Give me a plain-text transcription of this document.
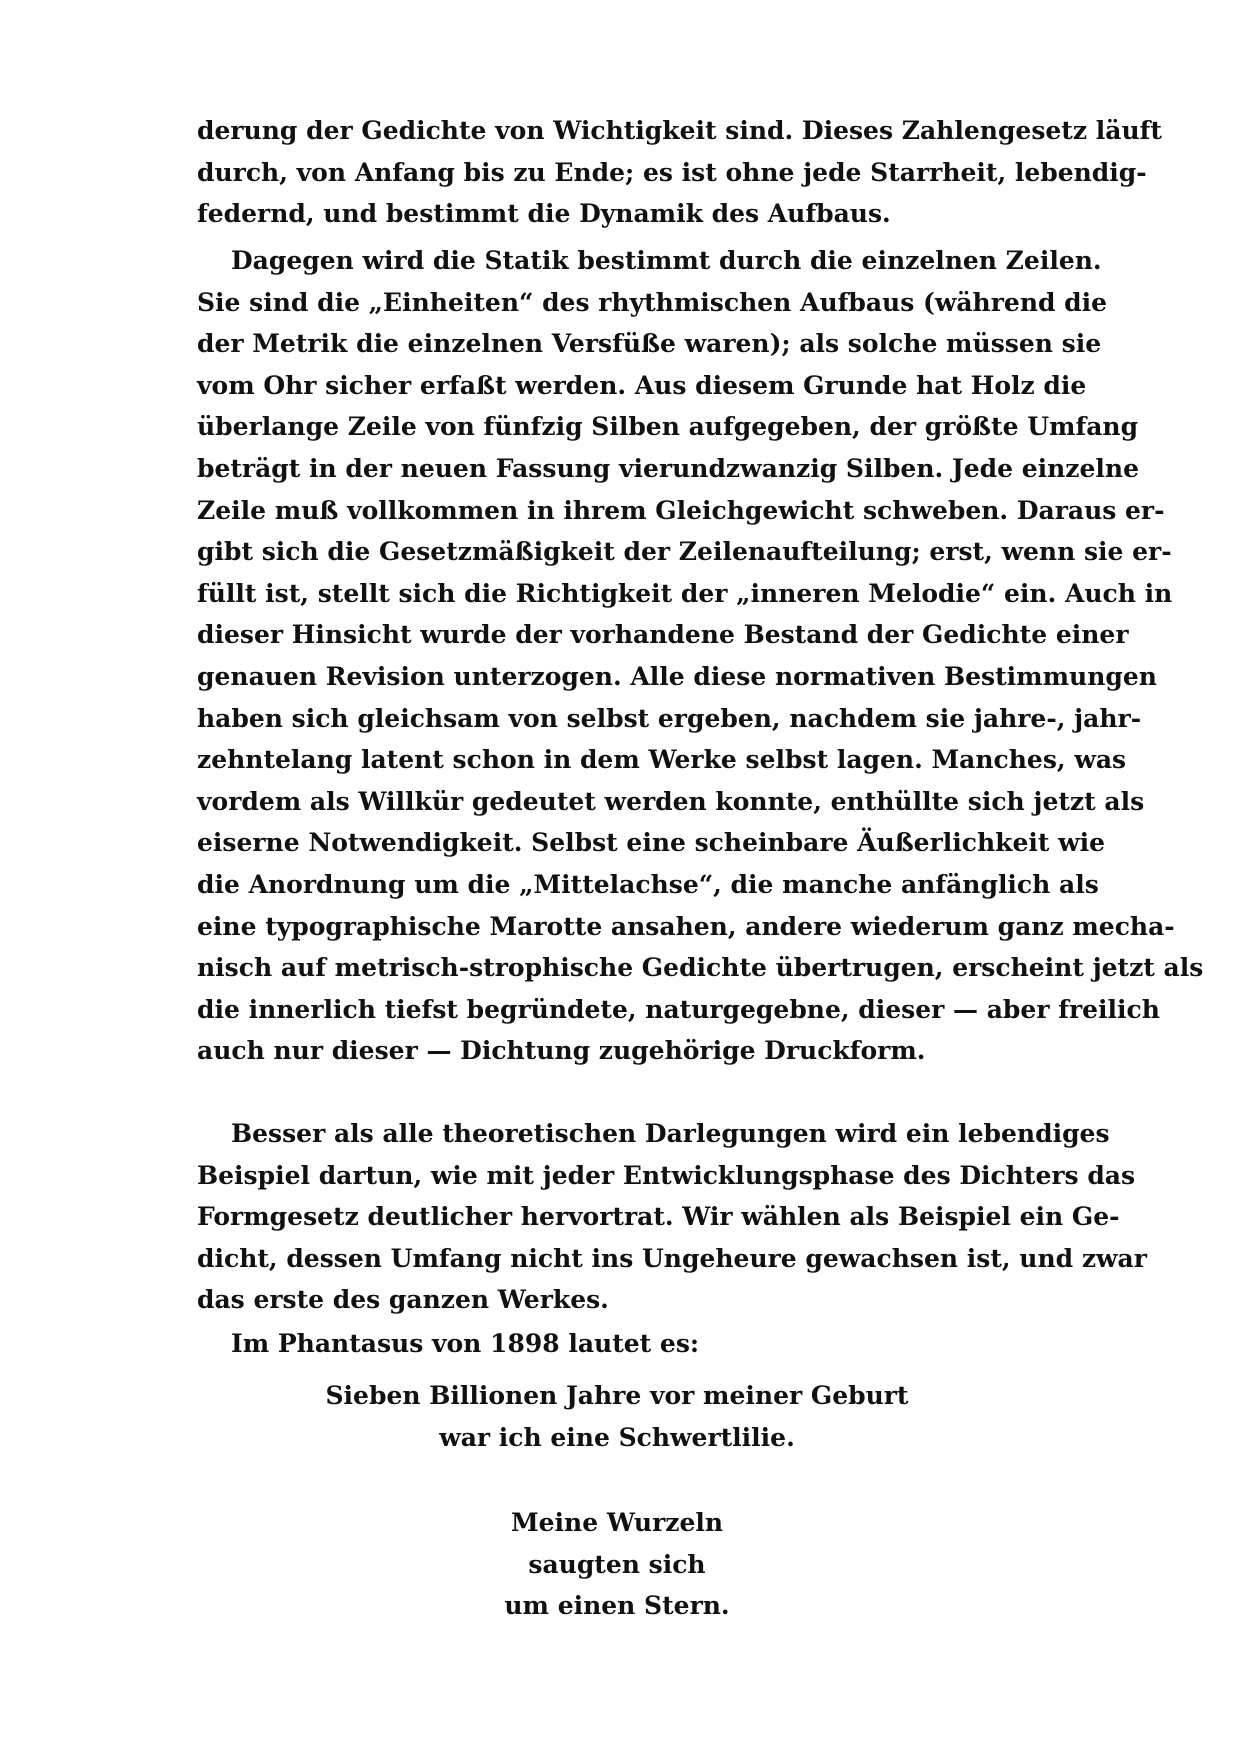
derung der Gedichte von Wichtigkeit sind. Dieses Zahlengesetz läuft
durch, von Anfang bis zu Ende; es ist ohne jede Starrheit, lebendig-
federnd, und bestimmt die Dynamik des Aufbaus.
Dagegen wird die Statik bestimmt durch die einzelnen Zeilen.
Sie sind die „Einheiten“ des rhythmischen Aufbaus (während die
der Metrik die einzelnen Versfüße waren); als solche müssen sie
vom Ohr sicher erfaßt werden. Aus diesem Grunde hat Holz die
überlange Zeile von fünfzig Silben aufgegeben, der größte Umfang
beträgt in der neuen Fassung vierundzwanzig Silben. Jede einzelne
Zeile muß vollkommen in ihrem Gleichgewicht schweben. Daraus er-
gibt sich die Gesetzmäßigkeit der Zeilenaufteilung; erst, wenn sie er-
füllt ist, stellt sich die Richtigkeit der „inneren Melodie“ ein. Auch in
dieser Hinsicht wurde der vorhandene Bestand der Gedichte einer
genauen Revision unterzogen. Alle diese normativen Bestimmungen
haben sich gleichsam von selbst ergeben, nachdem sie jahre-, jahr-
zehntelang latent schon in dem Werke selbst lagen. Manches, was
vordem als Willkür gedeutet werden konnte, enthüllte sich jetzt als
eiserne Notwendigkeit. Selbst eine scheinbare Äußerlichkeit wie
die Anordnung um die „Mittelachse“, die manche anfänglich als
eine typographische Marotte ansahen, andere wiederum ganz mecha-
nisch auf metrisch-strophische Gedichte übertrugen, erscheint jetzt als
die innerlich tiefst begründete, naturgegebne, dieser — aber freilich
auch nur dieser — Dichtung zugehörige Druckform.
Besser als alle theoretischen Darlegungen wird ein lebendiges
Beispiel dartun, wie mit jeder Entwicklungsphase des Dichters das
Formgesetz deutlicher hervortrat. Wir wählen als Beispiel ein Ge-
dicht, dessen Umfang nicht ins Ungeheure gewachsen ist, und zwar
das erste des ganzen Werkes.
Im Phantasus von 1898 lautet es:
Sieben Billionen Jahre vor meiner Geburt
war ich eine Schwertlilie.
Meine Wurzeln
saugten sich
um einen Stern.
